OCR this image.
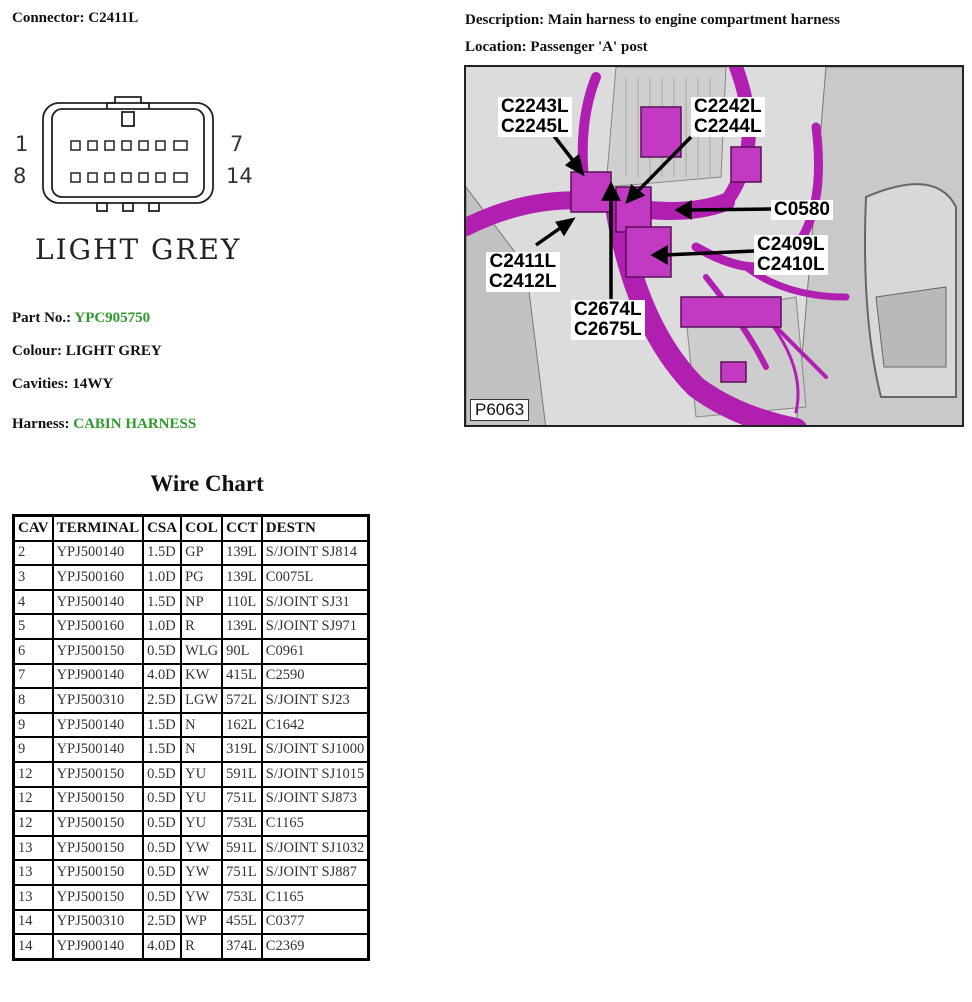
Connector: C2411L	Description: Main harness to engine compartment harness
Location: Passenger 'A' post
1	7
8	14
LIGHT GREY
Part No.: YPC905750
Colour: LIGHT GREY
Cavities: 14WY
Harness: CABIN HARNESS
C2243L
C2245L
C2242L
C2244L
C0580
C2409L
C2410L
C2411L
C2412L
C2674L
C2675L
P6063
Wire Chart
CAV	TERMINAL	CSA	COL	CCT	DESTN
2	YPJ500140	1.5D	GP	139L	S/JOINT SJ814
3	YPJ500160	1.0D	PG	139L	C0075L
4	YPJ500140	1.5D	NP	110L	S/JOINT SJ31
5	YPJ500160	1.0D	R	139L	S/JOINT SJ971
6	YPJ500150	0.5D	WLG	90L	C0961
7	YPJ900140	4.0D	KW	415L	C2590
8	YPJ500310	2.5D	LGW	572L	S/JOINT SJ23
9	YPJ500140	1.5D	N	162L	C1642
9	YPJ500140	1.5D	N	319L	S/JOINT SJ1000
12	YPJ500150	0.5D	YU	591L	S/JOINT SJ1015
12	YPJ500150	0.5D	YU	751L	S/JOINT SJ873
12	YPJ500150	0.5D	YU	753L	C1165
13	YPJ500150	0.5D	YW	591L	S/JOINT SJ1032
13	YPJ500150	0.5D	YW	751L	S/JOINT SJ887
13	YPJ500150	0.5D	YW	753L	C1165
14	YPJ500310	2.5D	WP	455L	C0377
14	YPJ900140	4.0D	R	374L	C2369
